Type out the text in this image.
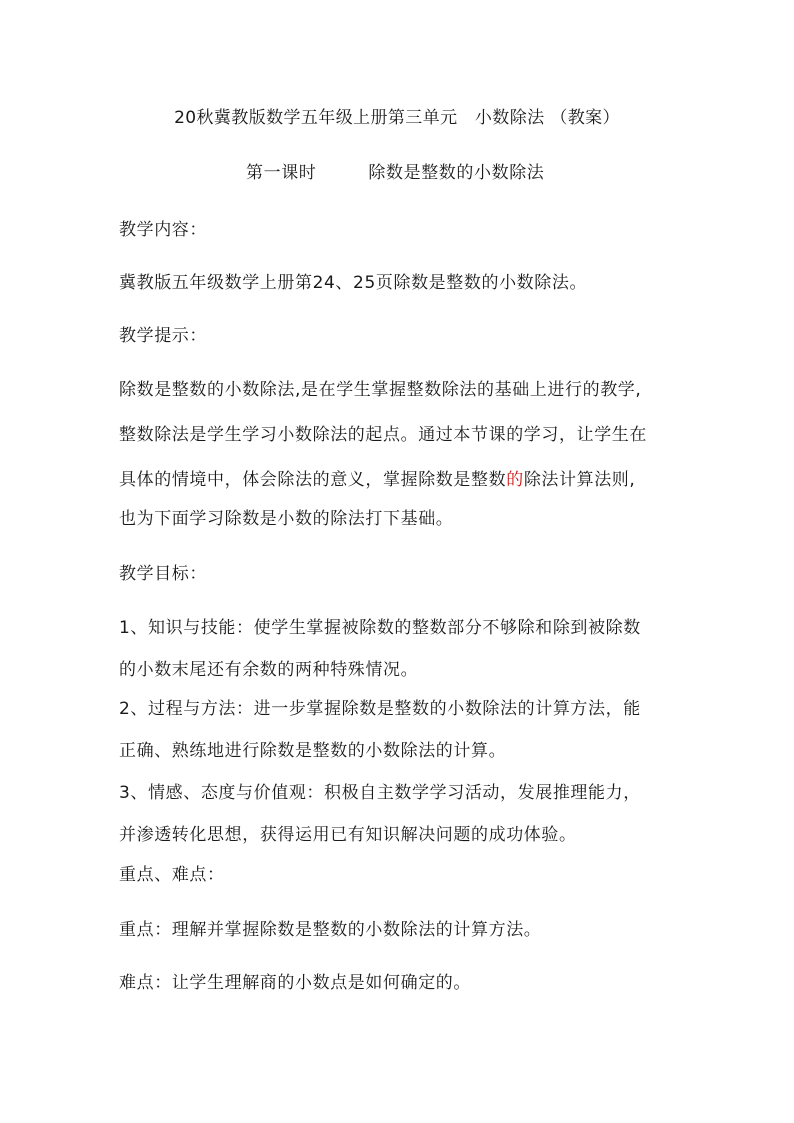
20秋冀教版数学五年级上册第三单元　小数除法 （教案）
第一课时	除数是整数的小数除法
教学内容：
冀教版五年级数学上册第24、25页除数是整数的小数除法。
教学提示：
除数是整数的小数除法,是在学生掌握整数除法的基础上进行的教学,
整数除法是学生学习小数除法的起点。通过本节课的学习，让学生在
具体的情境中，体会除法的意义，掌握除数是整数的除法计算法则,
也为下面学习除数是小数的除法打下基础。
教学目标：
1、知识与技能：使学生掌握被除数的整数部分不够除和除到被除数
的小数末尾还有余数的两种特殊情况。
2、过程与方法：进一步掌握除数是整数的小数除法的计算方法，能
正确、熟练地进行除数是整数的小数除法的计算。
3、情感、态度与价值观：积极自主数学学习活动，发展推理能力，
并渗透转化思想，获得运用已有知识解决问题的成功体验。
重点、难点：
重点：理解并掌握除数是整数的小数除法的计算方法。
难点：让学生理解商的小数点是如何确定的。
